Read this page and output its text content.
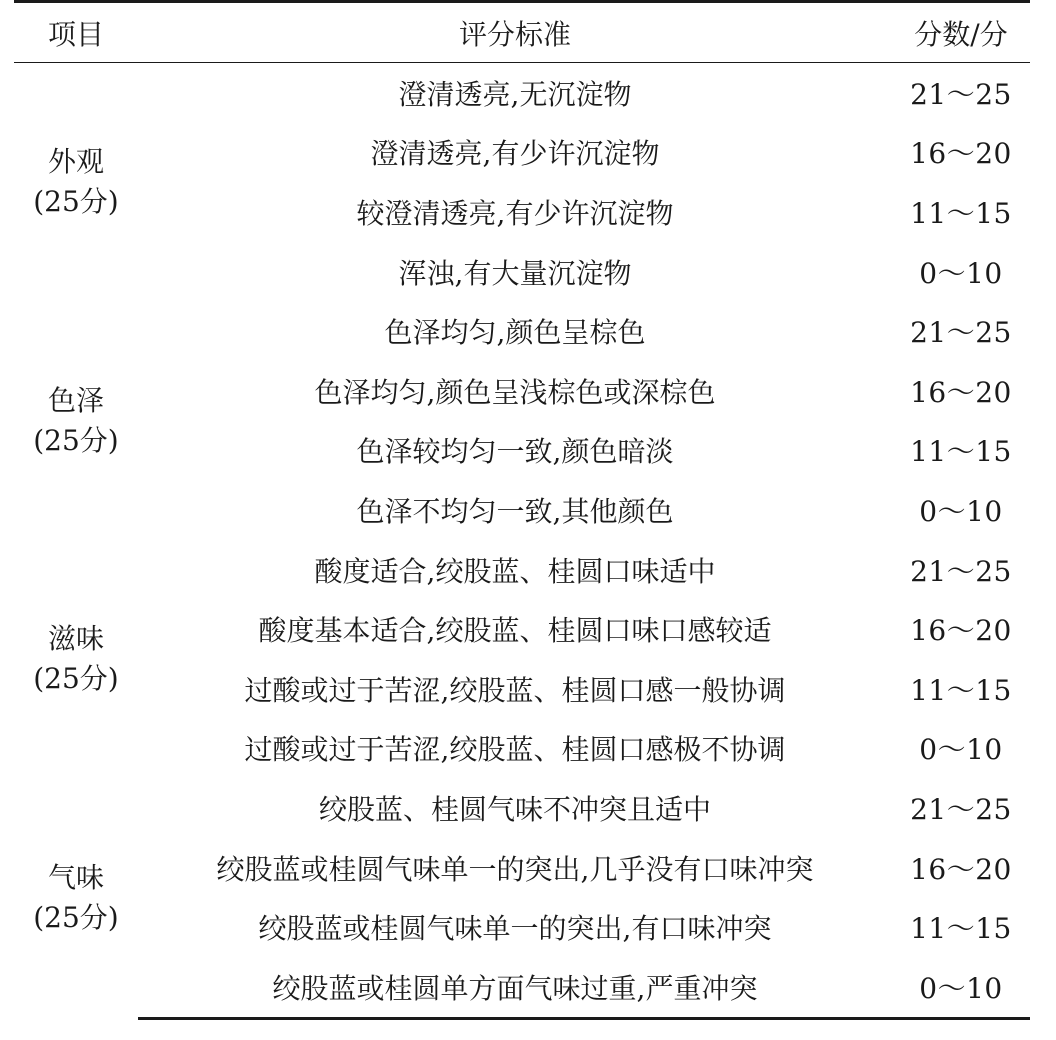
项目	评分标准	分数/分

外观
(25分)	澄清透亮,无沉淀物	21～25
	澄清透亮,有少许沉淀物	16～20
	较澄清透亮,有少许沉淀物	11～15
	浑浊,有大量沉淀物	0～10

色泽
(25分)	色泽均匀,颜色呈棕色	21～25
	色泽均匀,颜色呈浅棕色或深棕色	16～20
	色泽较均匀一致,颜色暗淡	11～15
	色泽不均匀一致,其他颜色	0～10

滋味
(25分)	酸度适合,绞股蓝、桂圆口味适中	21～25
	酸度基本适合,绞股蓝、桂圆口味口感较适	16～20
	过酸或过于苦涩,绞股蓝、桂圆口感一般协调	11～15
	过酸或过于苦涩,绞股蓝、桂圆口感极不协调	0～10

气味
(25分)	绞股蓝、桂圆气味不冲突且适中	21～25
	绞股蓝或桂圆气味单一的突出,几乎没有口味冲突	16～20
	绞股蓝或桂圆气味单一的突出,有口味冲突	11～15
	绞股蓝或桂圆单方面气味过重,严重冲突	0～10
